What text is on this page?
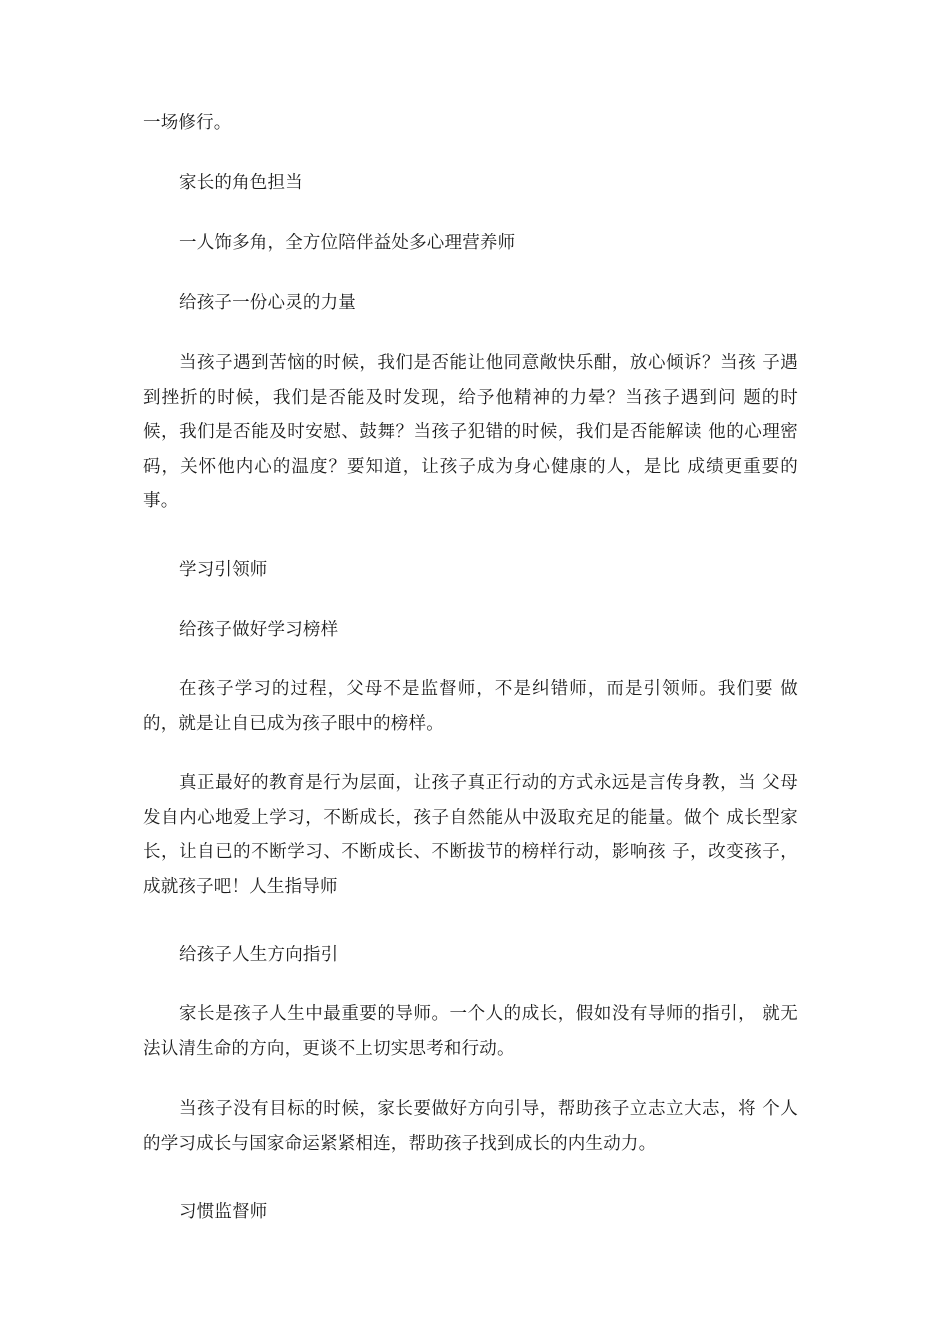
一场修行。

家长的角色担当

一人饰多角，全方位陪伴益处多心理营养师

给孩子一份心灵的力量

当孩子遇到苦恼的时候，我们是否能让他同意敞快乐酣，放心倾诉？当孩 子遇到挫折的时候，我们是否能及时发现，给予他精神的力晕？当孩子遇到问 题的时候，我们是否能及时安慰、鼓舞？当孩子犯错的时候，我们是否能解读 他的心理密码，关怀他内心的温度？要知道，让孩子成为身心健康的人，是比 成绩更重要的事。

学习引领师

给孩子做好学习榜样

在孩子学习的过程，父母不是监督师，不是纠错师，而是引领师。我们要 做的，就是让自已成为孩子眼中的榜样。

真正最好的教育是行为层面，让孩子真正行动的方式永远是言传身教，当 父母发自内心地爱上学习，不断成长，孩子自然能从中汲取充足的能量。做个 成长型家长，让自已的不断学习、不断成长、不断拔节的榜样行动，影响孩 子，改变孩子，成就孩子吧！人生指导师

给孩子人生方向指引

家长是孩子人生中最重要的导师。一个人的成长，假如没有导师的指引， 就无法认清生命的方向，更谈不上切实思考和行动。

当孩子没有目标的时候，家长要做好方向引导，帮助孩子立志立大志，将 个人的学习成长与国家命运紧紧相连，帮助孩子找到成长的内生动力。

习惯监督师
